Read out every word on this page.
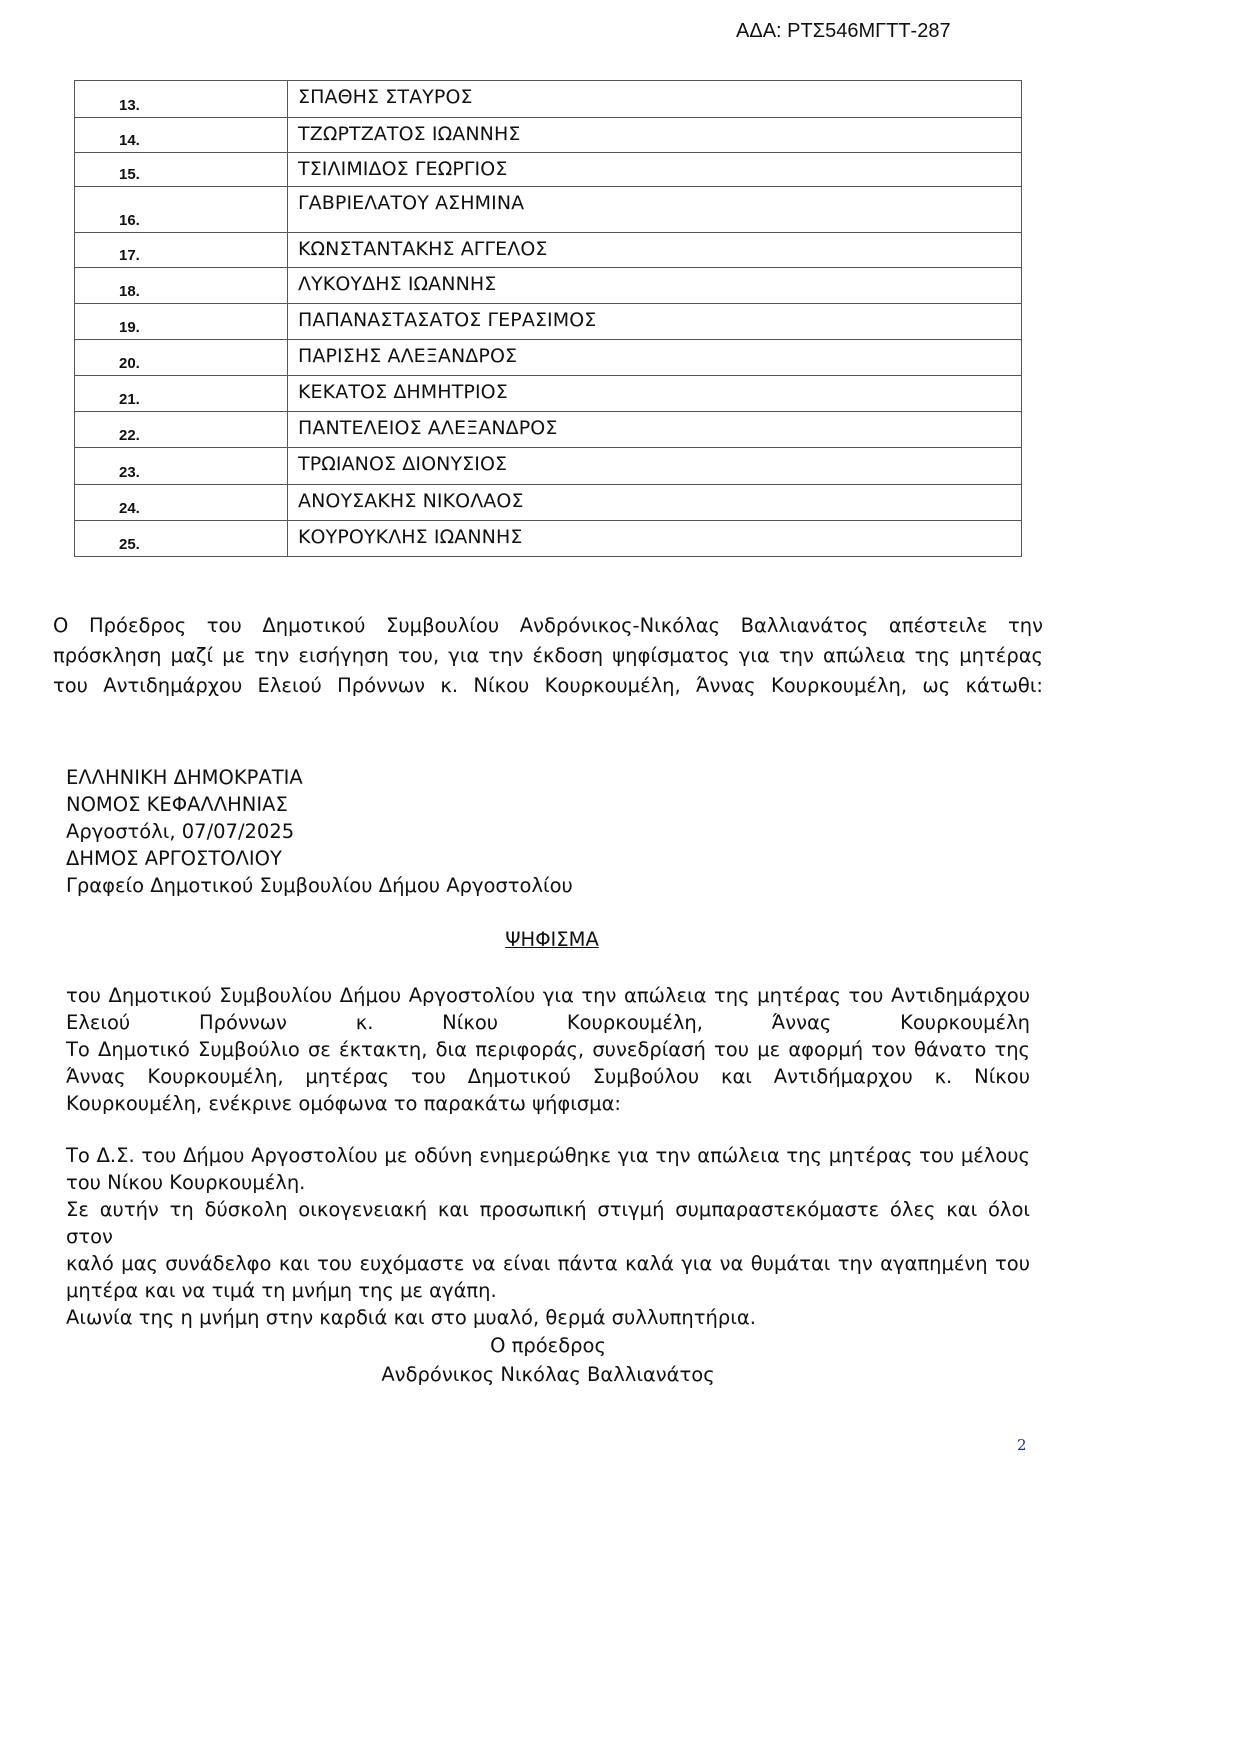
ΑΔΑ: ΡΤΣ546ΜΓΤΤ-287
13.	ΣΠΑΘΗΣ ΣΤΑΥΡΟΣ
14.	ΤΖΩΡΤΖΑΤΟΣ ΙΩΑΝΝΗΣ
15.	ΤΣΙΛΙΜΙΔΟΣ ΓΕΩΡΓΙΟΣ
16.	ΓΑΒΡΙΕΛΑΤΟΥ ΑΣΗΜΙΝΑ
17.	ΚΩΝΣΤΑΝΤΑΚΗΣ ΑΓΓΕΛΟΣ
18.	ΛΥΚΟΥΔΗΣ ΙΩΑΝΝΗΣ
19.	ΠΑΠΑΝΑΣΤΑΣΑΤΟΣ ΓΕΡΑΣΙΜΟΣ
20.	ΠΑΡΙΣΗΣ ΑΛΕΞΑΝΔΡΟΣ
21.	ΚΕΚΑΤΟΣ ΔΗΜΗΤΡΙΟΣ
22.	ΠΑΝΤΕΛΕΙΟΣ ΑΛΕΞΑΝΔΡΟΣ
23.	ΤΡΩΙΑΝΟΣ ΔΙΟΝΥΣΙΟΣ
24.	ΑΝΟΥΣΑΚΗΣ ΝΙΚΟΛΑΟΣ
25.	ΚΟΥΡΟΥΚΛΗΣ ΙΩΑΝΝΗΣ
Ο Πρόεδρος του Δημοτικού Συμβουλίου Ανδρόνικος-Νικόλας Βαλλιανάτος απέστειλε την
πρόσκληση μαζί με την εισήγηση του, για την έκδοση ψηφίσματος για την απώλεια της μητέρας
του Αντιδημάρχου Ελειού Πρόννων κ. Νίκου Κουρκουμέλη, Άννας Κουρκουμέλη, ως κάτωθι:
ΕΛΛΗΝΙΚΗ ΔΗΜΟΚΡΑΤΙΑ
ΝΟΜΟΣ ΚΕΦΑΛΛΗΝΙΑΣ
Αργοστόλι, 07/07/2025
ΔΗΜΟΣ ΑΡΓΟΣΤΟΛΙΟΥ
Γραφείο Δημοτικού Συμβουλίου Δήμου Αργοστολίου
ΨΗΦΙΣΜΑ
του Δημοτικού Συμβουλίου Δήμου Αργοστολίου για την απώλεια της μητέρας του Αντιδημάρχου
Ελειού Πρόννων κ. Νίκου Κουρκουμέλη, Άννας Κουρκουμέλη
Το Δημοτικό Συμβούλιο σε έκτακτη, δια περιφοράς, συνεδρίασή του με αφορμή τον θάνατο της
Άννας Κουρκουμέλη, μητέρας του Δημοτικού Συμβούλου και Αντιδήμαρχου κ. Νίκου
Κουρκουμέλη, ενέκρινε ομόφωνα το παρακάτω ψήφισμα:
Το Δ.Σ. του Δήμου Αργοστολίου με οδύνη ενημερώθηκε για την απώλεια της μητέρας του μέλους
του Νίκου Κουρκουμέλη.
Σε αυτήν τη δύσκολη οικογενειακή και προσωπική στιγμή συμπαραστεκόμαστε όλες και όλοι στον
καλό μας συνάδελφο και του ευχόμαστε να είναι πάντα καλά για να θυμάται την αγαπημένη του
μητέρα και να τιμά τη μνήμη της με αγάπη.
Αιωνία της η μνήμη στην καρδιά και στο μυαλό, θερμά συλλυπητήρια.
Ο πρόεδρος
Ανδρόνικος Νικόλας Βαλλιανάτος
2
